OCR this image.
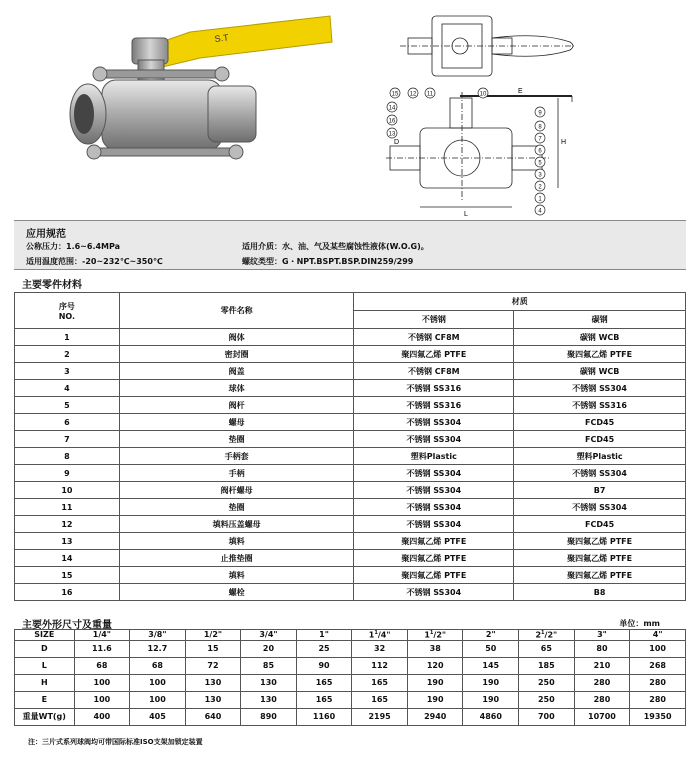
S.T
15 12 11	10
14
16
13
9
8
7
6
5
3
2
1
4
E
H
D
L
应用规范
公称压力：1.6~6.4MPa
适用温度范围：-20~232℃~350℃
适用介质：水、油、气及某些腐蚀性液体(W.O.G)。
螺纹类型：G・NPT.BSPT.BSP.DIN259/299
主要零件材料
序号
NO.	零件名称	材质	
		不锈钢	碳钢
1	阀体	不锈钢 CF8M	碳钢 WCB
2	密封圈	聚四氟乙烯 PTFE	聚四氟乙烯 PTFE
3	阀盖	不锈钢 CF8M	碳钢 WCB
4	球体	不锈钢 SS316	不锈钢 SS304
5	阀杆	不锈钢 SS316	不锈钢 SS316
6	螺母	不锈钢 SS304	FCD45
7	垫圈	不锈钢 SS304	FCD45
8	手柄套	塑料Plastic	塑料Plastic
9	手柄	不锈钢 SS304	不锈钢 SS304
10	阀杆螺母	不锈钢 SS304	B7
11	垫圈	不锈钢 SS304	不锈钢 SS304
12	填料压盖螺母	不锈钢 SS304	FCD45
13	填料	聚四氟乙烯 PTFE	聚四氟乙烯 PTFE
14	止推垫圈	聚四氟乙烯 PTFE	聚四氟乙烯 PTFE
15	填料	聚四氟乙烯 PTFE	聚四氟乙烯 PTFE
16	螺栓	不锈钢 SS304	B8
主要外形尺寸及重量	单位：mm
SIZE	1/4"	3/8"	1/2"	3/4"	1"	$1^1/4$"	$1^1/2$"	2"	$2^1/2$"	3"	4"
D	11.6	12.7	15	20	25	32	38	50	65	80	100
L	68	68	72	85	90	112	120	145	185	210	268
H	100	100	130	130	165	165	190	190	250	280	280
E	100	100	130	130	165	165	190	190	250	280	280
重量WT(g)	400	405	640	890	1160	2195	2940	4860	700	10700	19350
注：三片式系列球阀均可带国际标准ISO支架加锁定装置
